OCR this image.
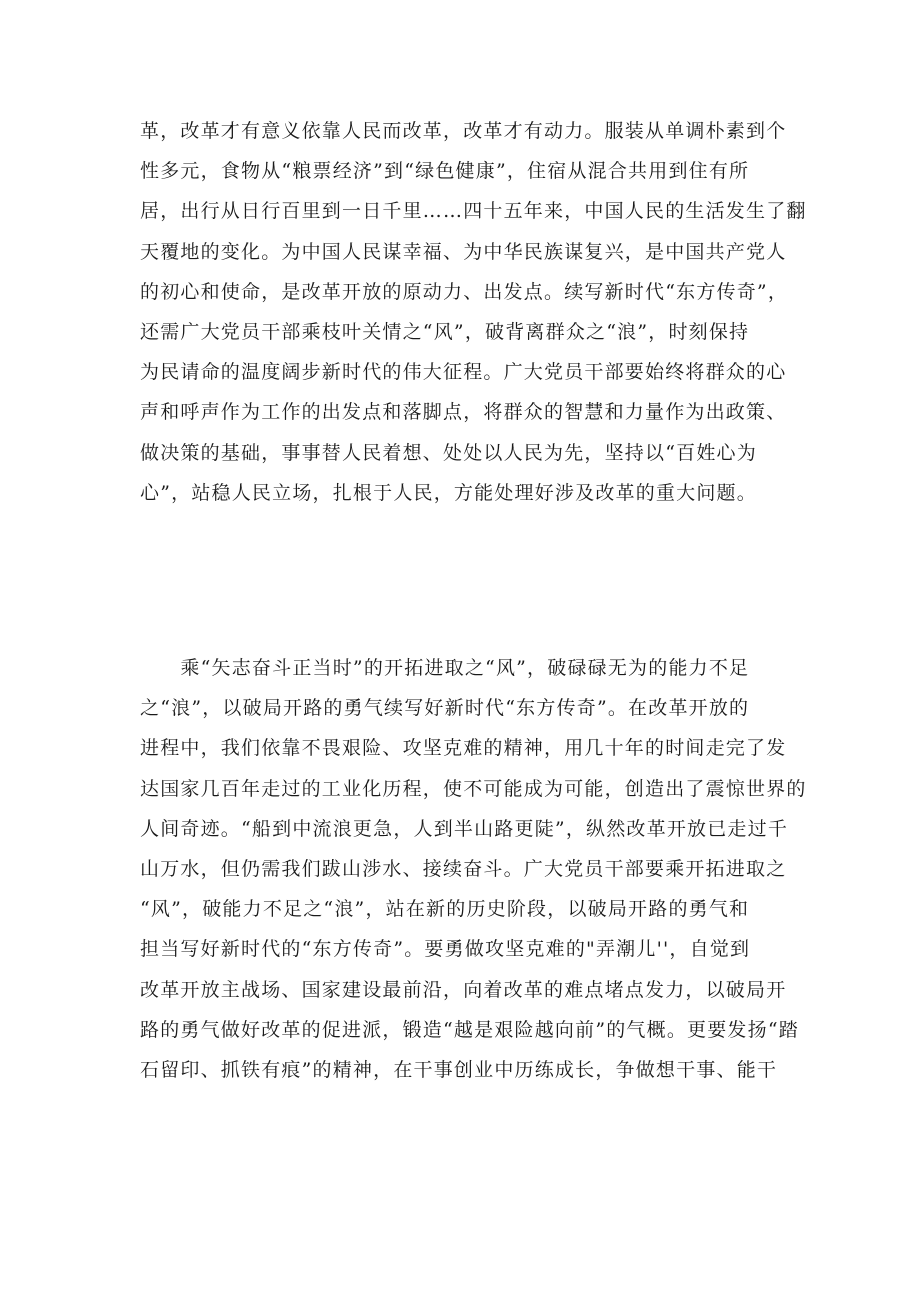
革，改革才有意义依靠人民而改革，改革才有动力。服装从单调朴素到个
性多元，食物从“粮票经济”到“绿色健康”，住宿从混合共用到住有所
居，出行从日行百里到一日千里……四十五年来，中国人民的生活发生了翻
天覆地的变化。为中国人民谋幸福、为中华民族谋复兴，是中国共产党人
的初心和使命，是改革开放的原动力、出发点。续写新时代“东方传奇”，
还需广大党员干部乘枝叶关情之“风”，破背离群众之“浪”，时刻保持
为民请命的温度阔步新时代的伟大征程。广大党员干部要始终将群众的心
声和呼声作为工作的出发点和落脚点，将群众的智慧和力量作为出政策、
做决策的基础，事事替人民着想、处处以人民为先，坚持以“百姓心为
心”，站稳人民立场，扎根于人民，方能处理好涉及改革的重大问题。

　　乘“矢志奋斗正当时”的开拓进取之“风”，破碌碌无为的能力不足
之“浪”，以破局开路的勇气续写好新时代“东方传奇”。在改革开放的
进程中，我们依靠不畏艰险、攻坚克难的精神，用几十年的时间走完了发
达国家几百年走过的工业化历程，使不可能成为可能，创造出了震惊世界的
人间奇迹。“船到中流浪更急，人到半山路更陡”，纵然改革开放已走过千
山万水，但仍需我们跋山涉水、接续奋斗。广大党员干部要乘开拓进取之
“风”，破能力不足之“浪”，站在新的历史阶段，以破局开路的勇气和
担当写好新时代的“东方传奇”。要勇做攻坚克难的"弄潮儿''，自觉到
改革开放主战场、国家建设最前沿，向着改革的难点堵点发力，以破局开
路的勇气做好改革的促进派，锻造“越是艰险越向前”的气概。更要发扬“踏
石留印、抓铁有痕”的精神，在干事创业中历练成长，争做想干事、能干
